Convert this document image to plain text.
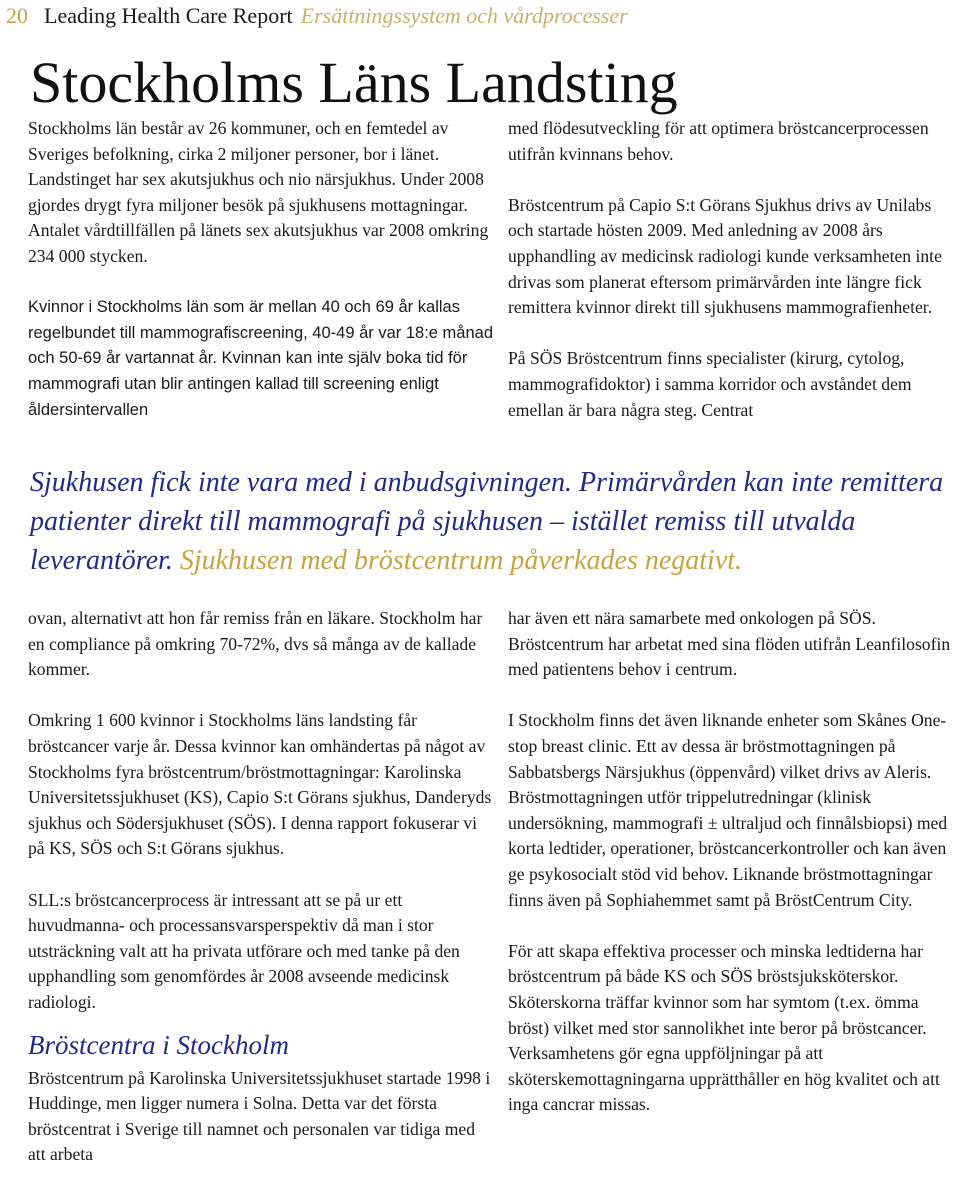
20 Leading Health Care Report Ersättningssystem och vårdprocesser
Stockholms Läns Landsting

Stockholms län består av 26 kommuner, och en femtedel av Sveriges befolkning, cirka 2 miljoner personer, bor i länet. Landstinget har sex akutsjukhus och nio närsjukhus. Under 2008 gjordes drygt fyra miljoner besök på sjukhusens mottagningar. Antalet vårdtillfällen på länets sex akutsjukhus var 2008 omkring 234 000 stycken.

Kvinnor i Stockholms län som är mellan 40 och 69 år kallas regelbundet till mammografiscreening, 40-49 år var 18:e månad och 50-69 år vartannat år. Kvinnan kan inte själv boka tid för mammografi utan blir antingen kallad till screening enligt åldersintervallen

med flödesutveckling för att optimera bröstcancerprocessen utifrån kvinnans behov.

Bröstcentrum på Capio S:t Görans Sjukhus drivs av Unilabs och startade hösten 2009. Med anledning av 2008 års upphandling av medicinsk radiologi kunde verksamheten inte drivas som planerat eftersom primärvården inte längre fick remittera kvinnor direkt till sjukhusens mammografienheter.

På SÖS Bröstcentrum finns specialister (kirurg, cytolog, mammografidoktor) i samma korridor och avståndet dem emellan är bara några steg. Centrat

Sjukhusen fick inte vara med i anbudsgivningen. Primärvården kan inte remittera patienter direkt till mammografi på sjukhusen – istället remiss till utvalda leverantörer. Sjukhusen med bröstcentrum påverkades negativt.

ovan, alternativt att hon får remiss från en läkare. Stockholm har en compliance på omkring 70-72%, dvs så många av de kallade kommer.

Omkring 1 600 kvinnor i Stockholms läns landsting får bröstcancer varje år. Dessa kvinnor kan omhändertas på något av Stockholms fyra bröstcentrum/bröstmottagningar: Karolinska Universitetssjukhuset (KS), Capio S:t Görans sjukhus, Danderyds sjukhus och Södersjukhuset (SÖS). I denna rapport fokuserar vi på KS, SÖS och S:t Görans sjukhus.

SLL:s bröstcancerprocess är intressant att se på ur ett huvudmanna- och processansvarsperspektiv då man i stor utsträckning valt att ha privata utförare och med tanke på den upphandling som genomfördes år 2008 avseende medicinsk radiologi.

Bröstcentra i Stockholm

Bröstcentrum på Karolinska Universitetssjukhuset startade 1998 i Huddinge, men ligger numera i Solna. Detta var det första bröstcentrat i Sverige till namnet och personalen var tidiga med att arbeta

har även ett nära samarbete med onkologen på SÖS. Bröstcentrum har arbetat med sina flöden utifrån Leanfilosofin med patientens behov i centrum.

I Stockholm finns det även liknande enheter som Skånes One-stop breast clinic. Ett av dessa är bröstmottagningen på Sabbatsbergs Närsjukhus (öppenvård) vilket drivs av Aleris. Bröstmottagningen utför trippelutredningar (klinisk undersökning, mammografi ± ultraljud och finnålsbiopsi) med korta ledtider, operationer, bröstcancerkontroller och kan även ge psykosocialt stöd vid behov. Liknande bröstmottagningar finns även på Sophiahemmet samt på BröstCentrum City.

För att skapa effektiva processer och minska ledtiderna har bröstcentrum på både KS och SÖS bröstsjuksköterskor. Sköterskorna träffar kvinnor som har symtom (t.ex. ömma bröst) vilket med stor sannolikhet inte beror på bröstcancer. Verksamhetens gör egna uppföljningar på att sköterskemottagningarna upprätthåller en hög kvalitet och att inga cancrar missas.
